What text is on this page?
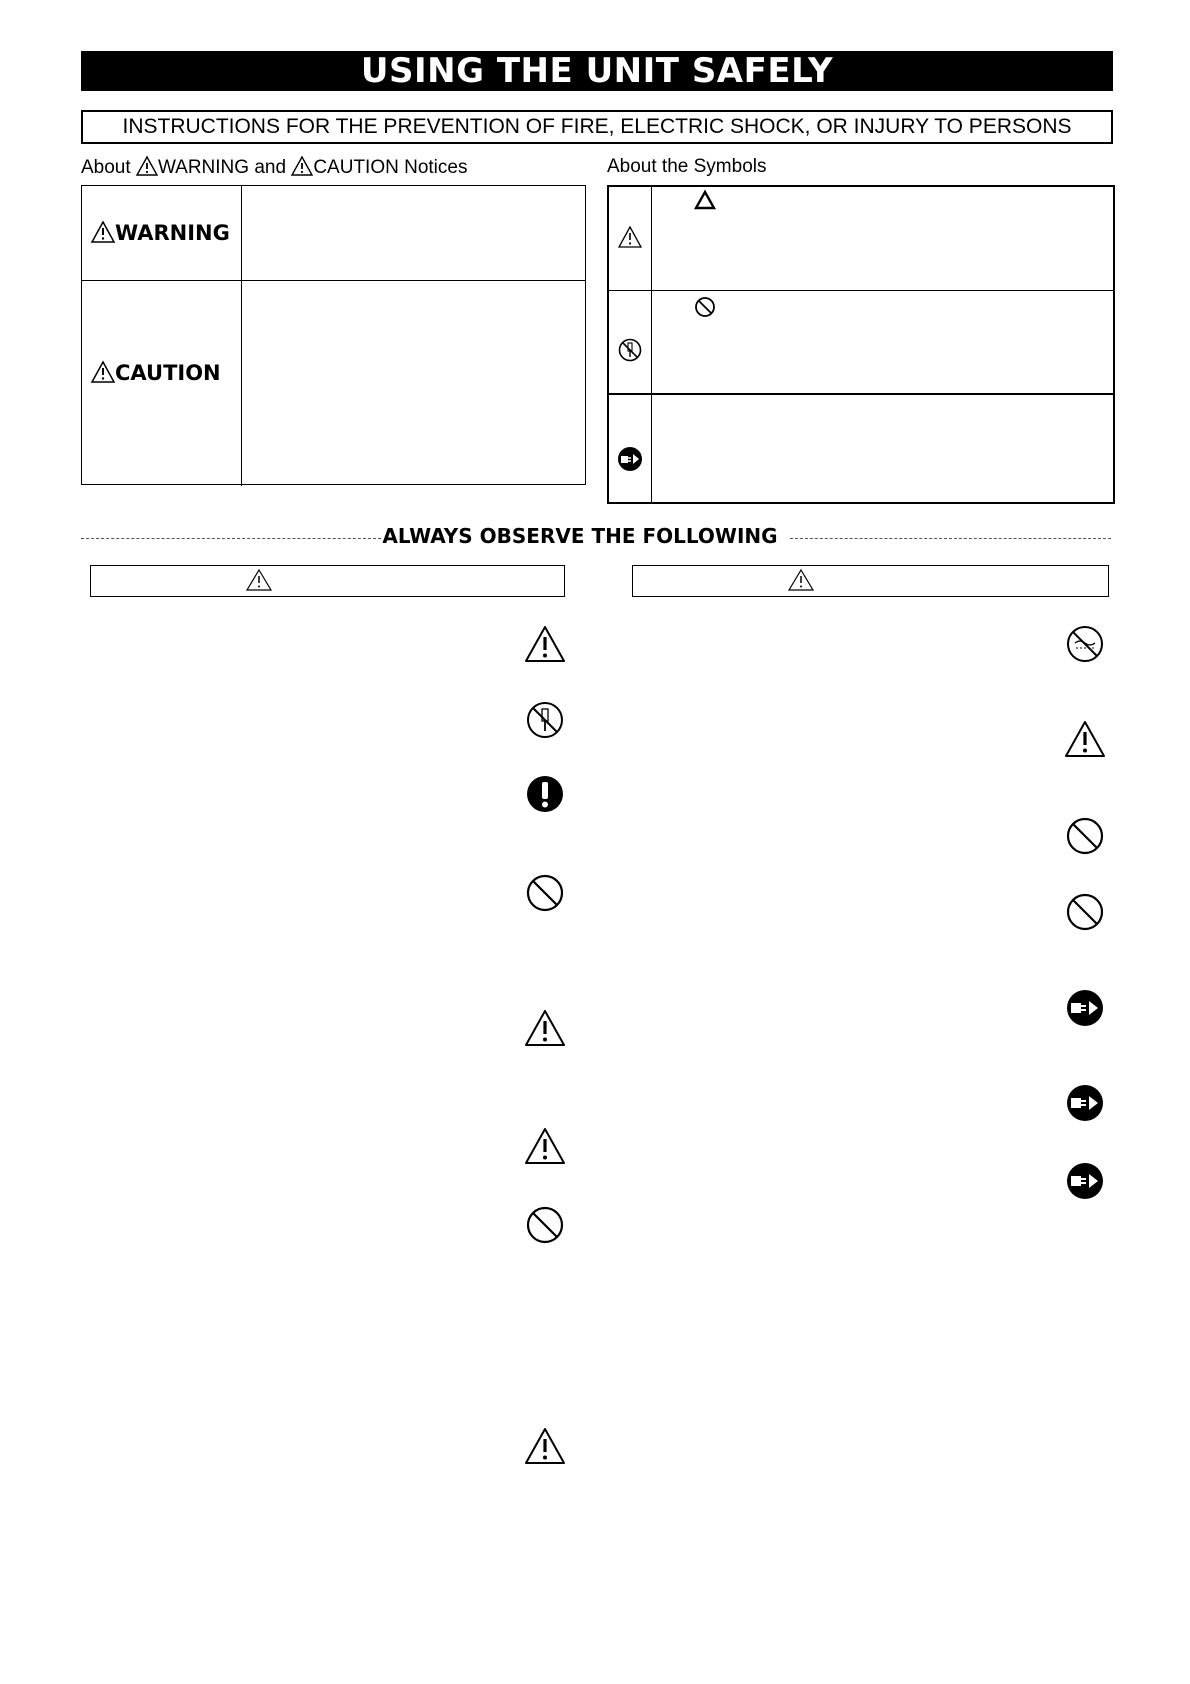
USING THE UNIT SAFELY
INSTRUCTIONS FOR THE PREVENTION OF FIRE, ELECTRIC SHOCK, OR INJURY TO PERSONS
About WARNING and CAUTION Notices	About the Symbols
WARNING
CAUTION
ALWAYS OBSERVE THE FOLLOWING
